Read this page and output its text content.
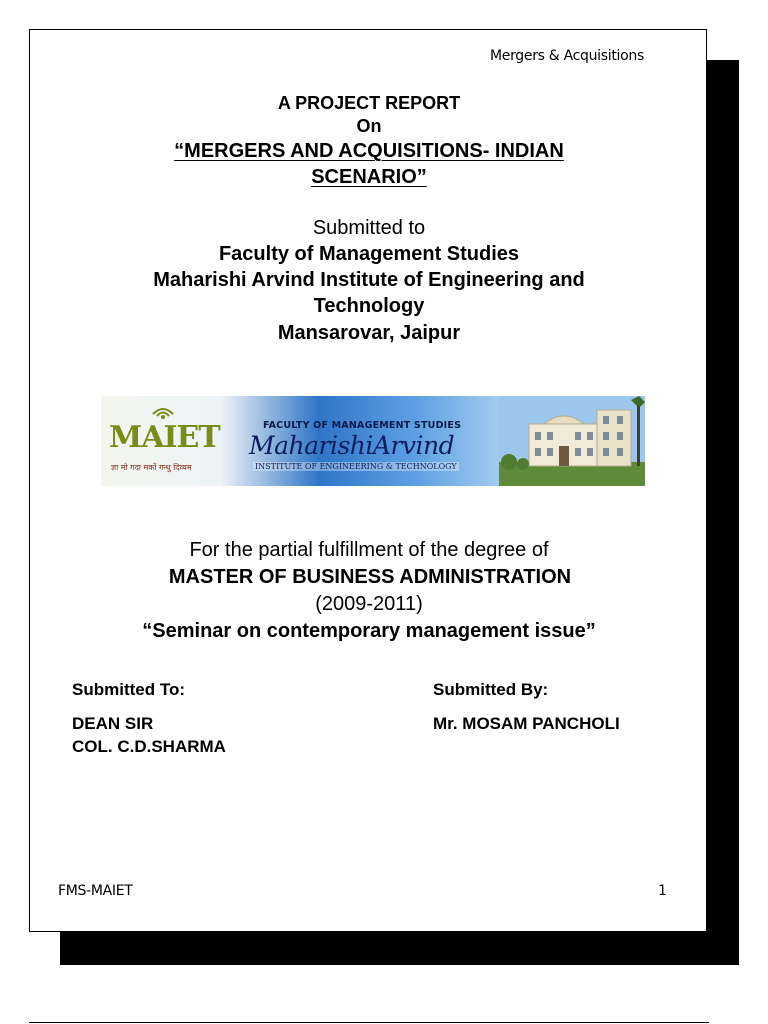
Mergers & Acquisitions
A PROJECT REPORT
On
“MERGERS AND ACQUISITIONS- INDIAN
SCENARIO”
Submitted to
Faculty of Management Studies
Maharishi Arvind Institute of Engineering and
Technology
Mansarovar, Jaipur
MAIET
ज्ञा मो गदा मकों गन्धु दिव्यम
FACULTY OF MANAGEMENT STUDIES
MaharishiArvind
INSTITUTE OF ENGINEERING & TECHNOLOGY
For the partial fulfillment of the degree of
MASTER OF BUSINESS ADMINISTRATION
(2009-2011)
“Seminar on contemporary management issue”
Submitted To:
DEAN SIR
COL. C.D.SHARMA
Submitted By:
Mr. MOSAM PANCHOLI
FMS-MAIET	1
